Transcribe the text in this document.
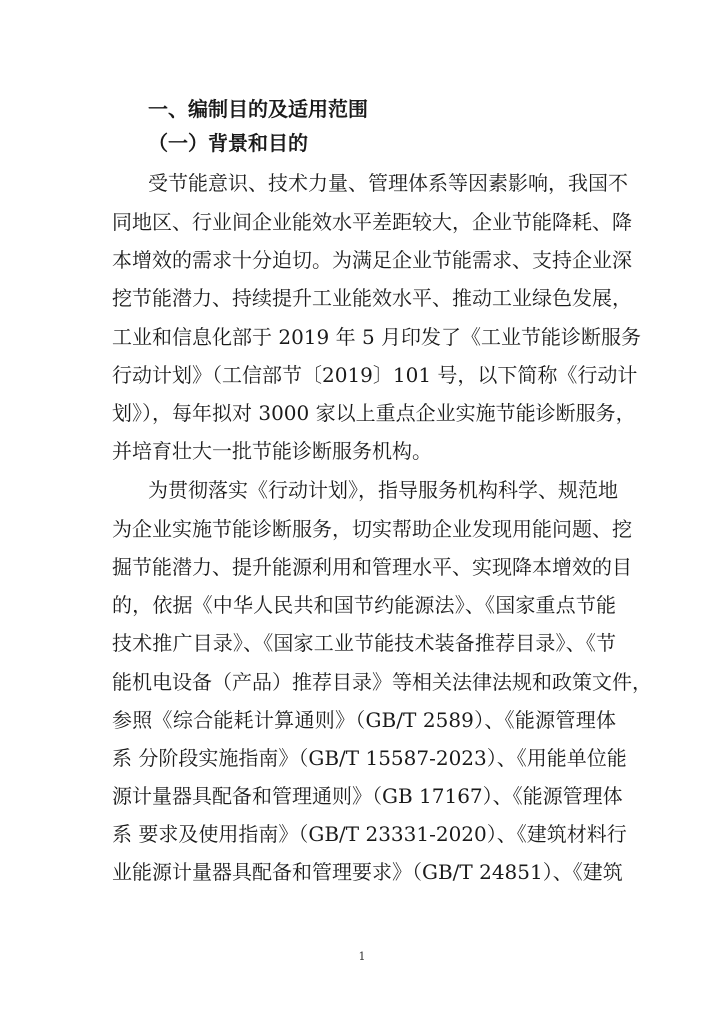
一、编制目的及适用范围
（一）背景和目的
受节能意识、技术力量、管理体系等因素影响，我国不
同地区、行业间企业能效水平差距较大，企业节能降耗、降
本增效的需求十分迫切。为满足企业节能需求、支持企业深
挖节能潜力、持续提升工业能效水平、推动工业绿色发展，
工业和信息化部于 2019 年 5 月印发了《工业节能诊断服务
行动计划》（工信部节〔2019〕101 号，以下简称《行动计
划》），每年拟对 3000 家以上重点企业实施节能诊断服务，
并培育壮大一批节能诊断服务机构。
为贯彻落实《行动计划》，指导服务机构科学、规范地
为企业实施节能诊断服务，切实帮助企业发现用能问题、挖
掘节能潜力、提升能源利用和管理水平、实现降本增效的目
的，依据《中华人民共和国节约能源法》、《国家重点节能
技术推广目录》、《国家工业节能技术装备推荐目录》、《节
能机电设备（产品）推荐目录》等相关法律法规和政策文件，
参照《综合能耗计算通则》（GB/T 2589）、《能源管理体
系 分阶段实施指南》（GB/T 15587-2023）、《用能单位能
源计量器具配备和管理通则》（GB 17167）、《能源管理体
系 要求及使用指南》（GB/T 23331-2020）、《建筑材料行
业能源计量器具配备和管理要求》（GB/T 24851）、《建筑
1
